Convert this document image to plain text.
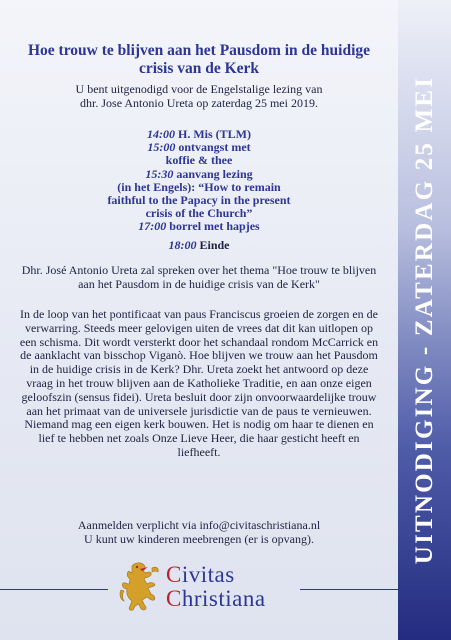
Hoe trouw te blijven aan het Pausdom in de huidige crisis van de Kerk
U bent uitgenodigd voor de Engelstalige lezing van
dhr. Jose Antonio Ureta op zaterdag 25 mei 2019.
14:00 H. Mis (TLM)
15:00 ontvangst met
koffie & thee
15:30 aanvang lezing
(in het Engels): “How to remain
faithful to the Papacy in the present
crisis of the Church”
17:00 borrel met hapjes
18:00 Einde
Dhr. José Antonio Ureta zal spreken over het thema "Hoe trouw te blijven aan het Pausdom in de huidige crisis van de Kerk"

In de loop van het pontificaat van paus Franciscus groeien de zorgen en de verwarring. Steeds meer gelovigen uiten de vrees dat dit kan uitlopen op een schisma. Dit wordt versterkt door het schandaal rondom McCarrick en de aanklacht van bisschop Viganò. Hoe blijven we trouw aan het Pausdom in de huidige crisis in de Kerk? Dhr. Ureta zoekt het antwoord op deze vraag in het trouw blijven aan de Katholieke Traditie, en aan onze eigen geloofszin (sensus fidei). Ureta besluit door zijn onvoorwaardelijke trouw aan het primaat van de universele jurisdictie van de paus te vernieuwen.

Niemand mag een eigen kerk bouwen. Het is nodig om haar te dienen en lief te hebben net zoals Onze Lieve Heer, die haar gesticht heeft en liefheeft.

Aanmelden verplicht via info@civitaschristiana.nl
U kunt uw kinderen meebrengen (er is opvang).
Civitas
Christiana
UITNODIGING - ZATERDAG 25 MEI
